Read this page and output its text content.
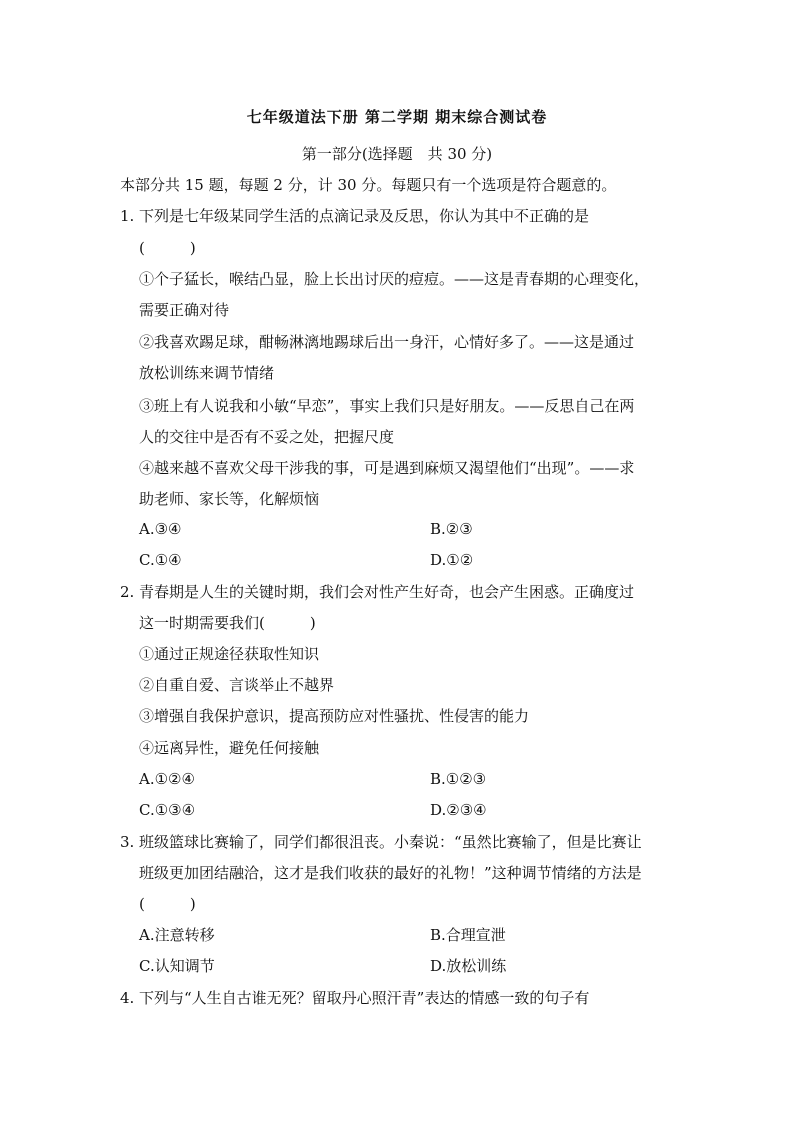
七年级道法下册 第二学期 期末综合测试卷
第一部分(选择题　共 30 分)
本部分共 15 题，每题 2 分，计 30 分。每题只有一个选项是符合题意的。
1. 下列是七年级某同学生活的点滴记录及反思，你认为其中不正确的是
(　　　)
①个子猛长，喉结凸显，脸上长出讨厌的痘痘。——这是青春期的心理变化，
需要正确对待
②我喜欢踢足球，酣畅淋漓地踢球后出一身汗，心情好多了。——这是通过
放松训练来调节情绪
③班上有人说我和小敏“早恋”，事实上我们只是好朋友。——反思自己在两
人的交往中是否有不妥之处，把握尺度
④越来越不喜欢父母干涉我的事，可是遇到麻烦又渴望他们“出现”。——求
助老师、家长等，化解烦恼
A.③④	B.②③
C.①④	D.①②
2. 青春期是人生的关键时期，我们会对性产生好奇，也会产生困惑。正确度过
这一时期需要我们(　　　)
①通过正规途径获取性知识
②自重自爱、言谈举止不越界
③增强自我保护意识，提高预防应对性骚扰、性侵害的能力
④远离异性，避免任何接触
A.①②④	B.①②③
C.①③④	D.②③④
3. 班级篮球比赛输了，同学们都很沮丧。小秦说：“虽然比赛输了，但是比赛让
班级更加团结融洽，这才是我们收获的最好的礼物！”这种调节情绪的方法是
(　　　)
A.注意转移	B.合理宣泄
C.认知调节	D.放松训练
4. 下列与“人生自古谁无死？留取丹心照汗青”表达的情感一致的句子有
